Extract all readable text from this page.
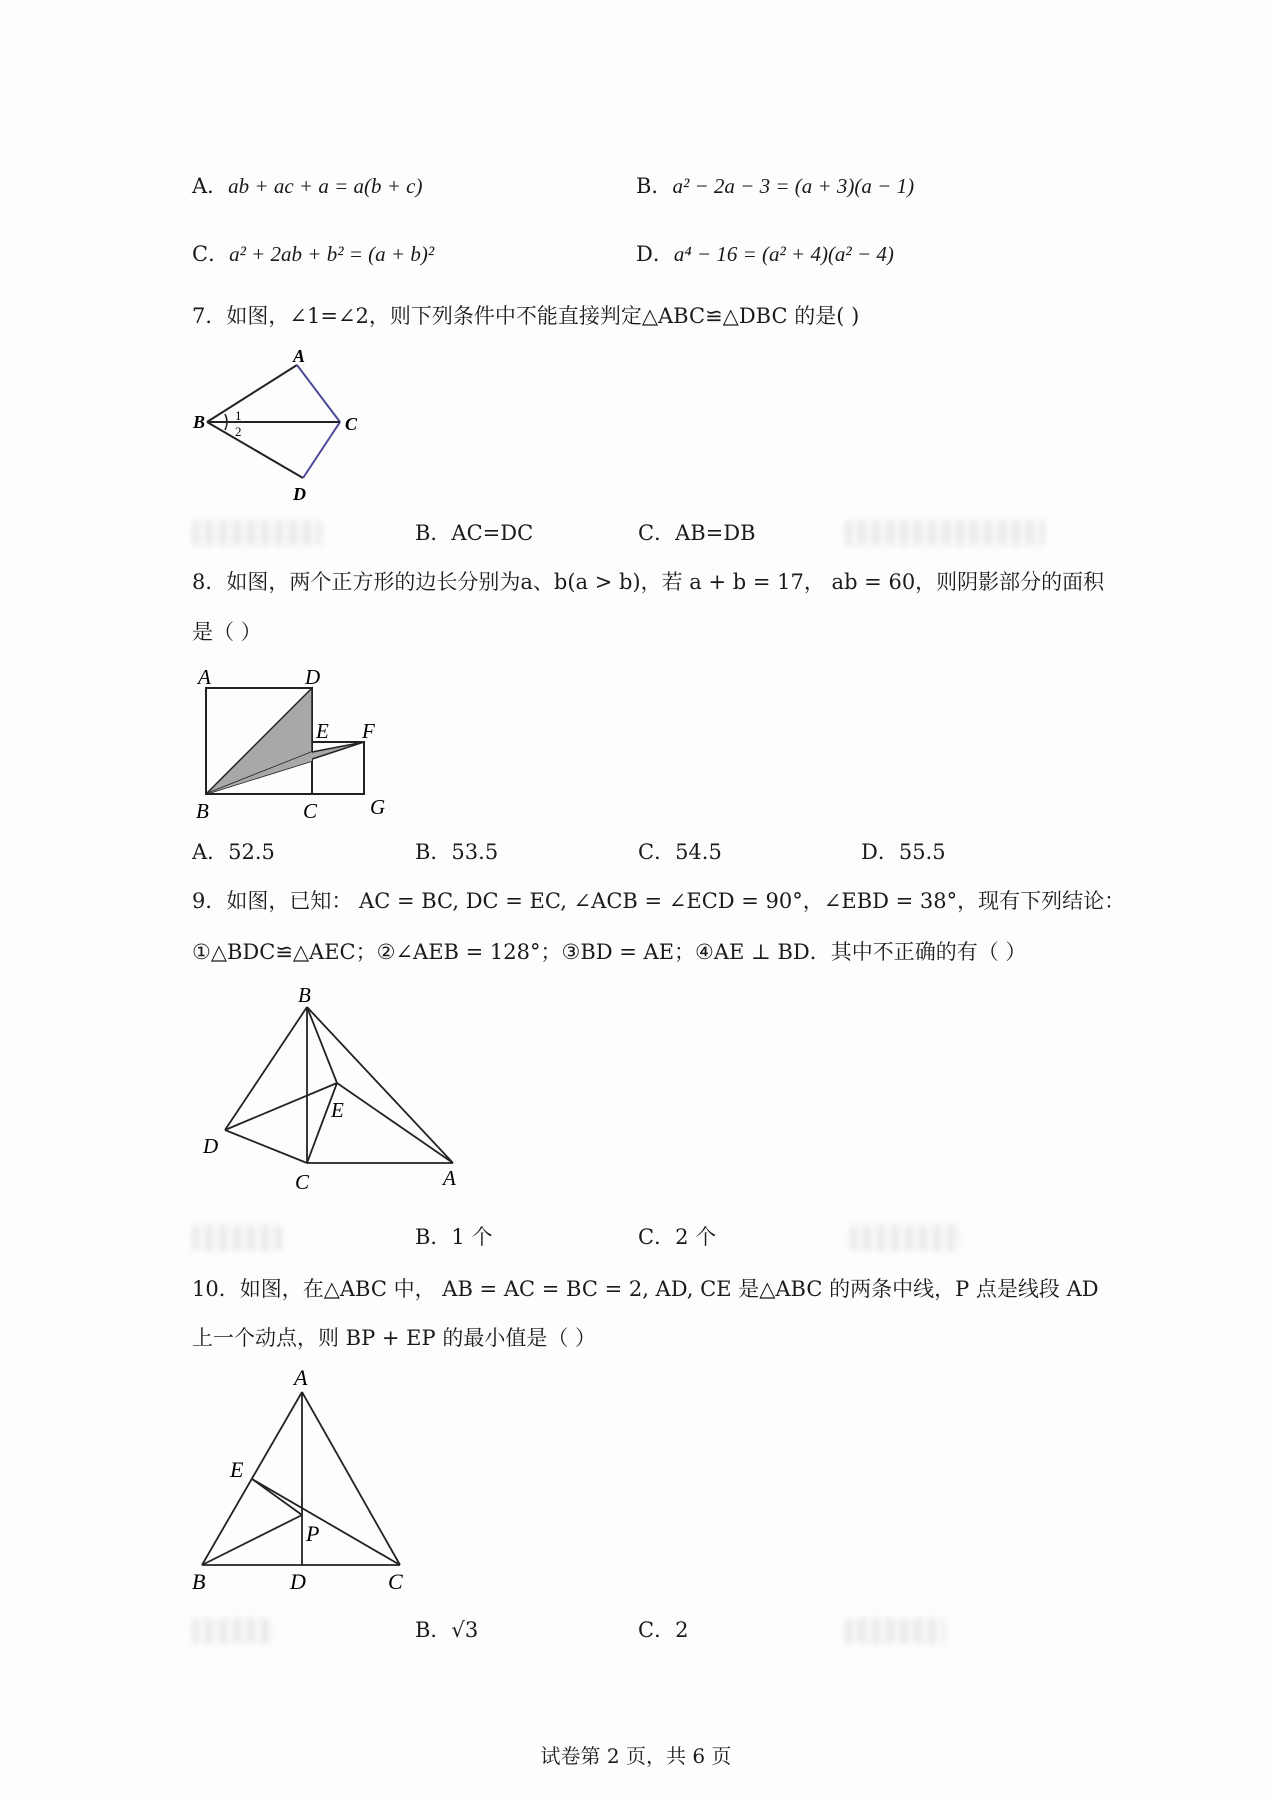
A．ab + ac + a = a(b + c)	B．a² − 2a − 3 = (a + 3)(a − 1)
C．a² + 2ab + b² = (a + b)²	D．a⁴ − 16 = (a² + 4)(a² − 4)
7．如图，∠1=∠2，则下列条件中不能直接判定△ABC≌△DBC 的是( )
A
B	C
D
1
2
B．AC=DC	C．AB=DB
8．如图，两个正方形的边长分别为a、b(a > b)，若 a + b = 17， ab = 60，则阴影部分的面积
是（ ）
A	D
E F
B	C	G
A．52.5	B．53.5	C．54.5	D．55.5
9．如图，已知： AC = BC, DC = EC, ∠ACB = ∠ECD = 90°，∠EBD = 38°，现有下列结论：
①△BDC≌△AEC；②∠AEB = 128°；③BD = AE；④AE ⊥ BD．其中不正确的有（ ）
B
E
D
C	A
B．1 个	C．2 个
10．如图，在△ABC 中， AB = AC = BC = 2, AD, CE 是△ABC 的两条中线，P 点是线段 AD
上一个动点，则 BP + EP 的最小值是（ ）
A
E
P
B	D	C
B．√3	C．2
试卷第 2 页，共 6 页
